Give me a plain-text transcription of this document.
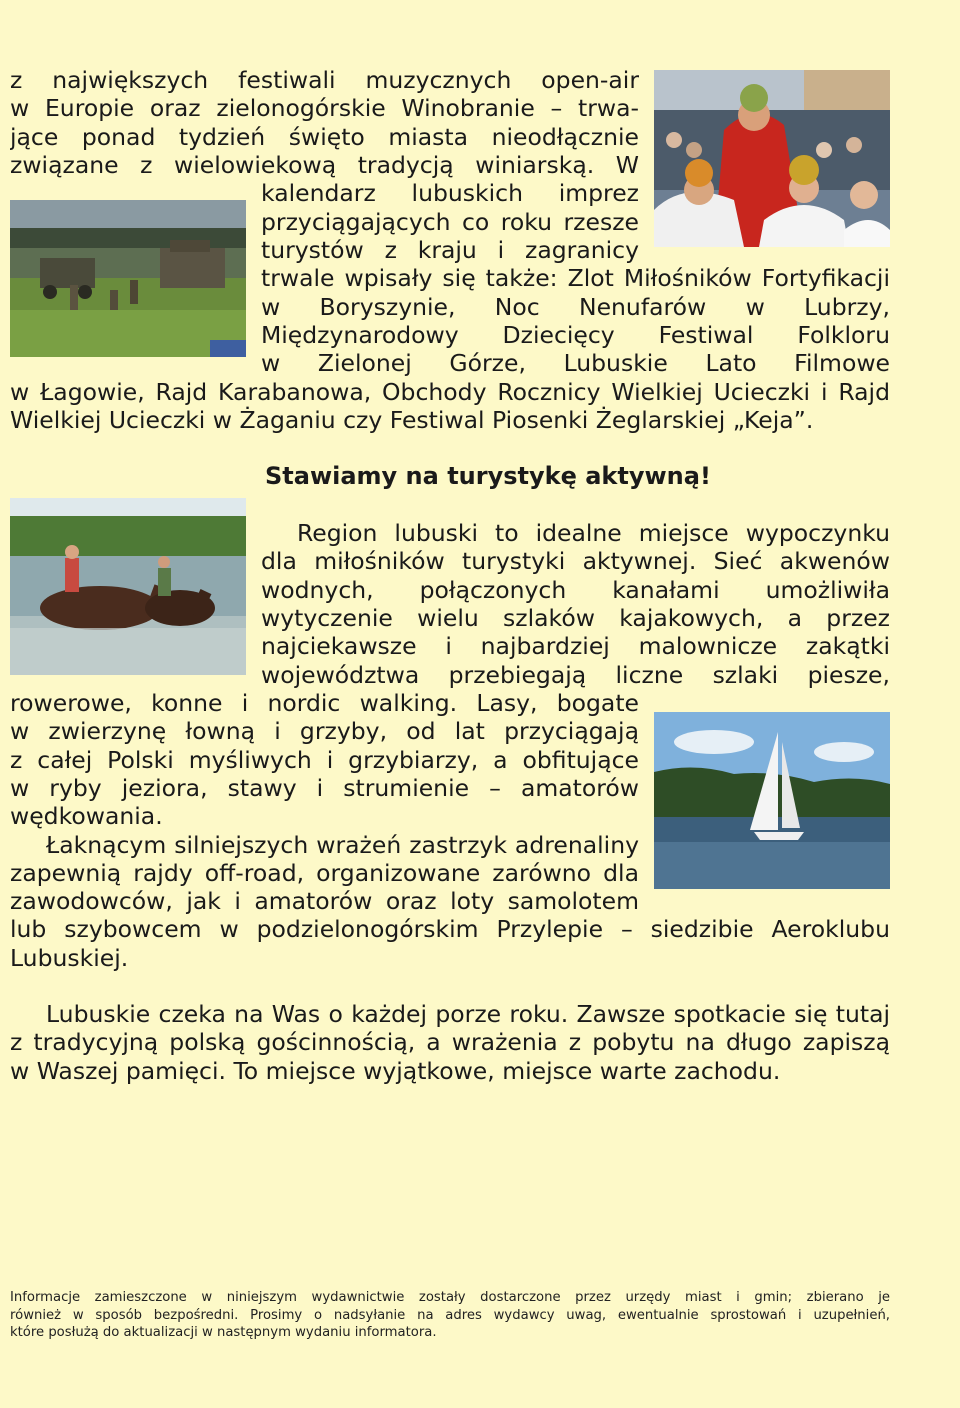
z największych festiwali muzycznych open-air
w Europie oraz zielonogórskie Winobranie – trwa-
jące ponad tydzień święto miasta nieodłącznie
związane z wielowiekową tradycją winiarską. W
kalendarz lubuskich imprez
przyciągających co roku rzesze
turystów z kraju i zagranicy
trwale wpisały się także: Zlot Miłośników Fortyfikacji
w Boryszynie, Noc Nenufarów w Lubrzy,
Międzynarodowy Dziecięcy Festiwal Folkloru
w Zielonej Górze, Lubuskie Lato Filmowe
w Łagowie, Rajd Karabanowa, Obchody Rocznicy Wielkiej Ucieczki i Rajd
Wielkiej Ucieczki w Żaganiu czy Festiwal Piosenki Żeglarskiej „Keja”.
Stawiamy na turystykę aktywną!
Region lubuski to idealne miejsce wypoczynku
dla miłośników turystyki aktywnej. Sieć akwenów
wodnych, połączonych kanałami umożliwiła
wytyczenie wielu szlaków kajakowych, a przez
najciekawsze i najbardziej malownicze zakątki
województwa przebiegają liczne szlaki piesze,
rowerowe, konne i nordic walking. Lasy, bogate
w zwierzynę łowną i grzyby, od lat przyciągają
z całej Polski myśliwych i grzybiarzy, a obfitujące
w ryby jeziora, stawy i strumienie – amatorów
wędkowania.
Łaknącym silniejszych wrażeń zastrzyk adrenaliny
zapewnią rajdy off-road, organizowane zarówno dla
zawodowców, jak i amatorów oraz loty samolotem
lub szybowcem w podzielonogórskim Przylepie – siedzibie Aeroklubu
Lubuskiej.
Lubuskie czeka na Was o każdej porze roku. Zawsze spotkacie się tutaj
z tradycyjną polską gościnnością, a wrażenia z pobytu na długo zapiszą
w Waszej pamięci. To miejsce wyjątkowe, miejsce warte zachodu.
Informacje zamieszczone w niniejszym wydawnictwie zostały dostarczone przez urzędy miast i gmin; zbierano je
również w sposób bezpośredni. Prosimy o nadsyłanie na adres wydawcy uwag, ewentualnie sprostowań i uzupełnień,
które posłużą do aktualizacji w następnym wydaniu informatora.
